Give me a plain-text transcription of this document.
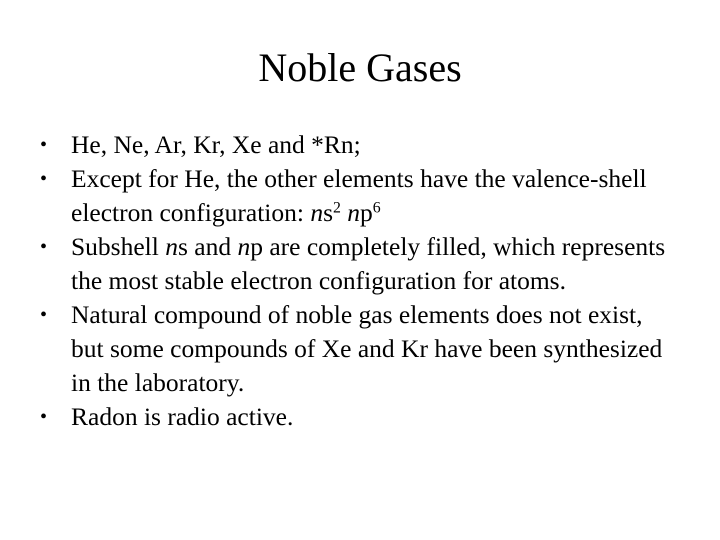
Noble Gases
• He, Ne, Ar, Kr, Xe and *Rn;
• Except for He, the other elements have the valence-shell electron configuration: $ns^2$ $np^6$
• Subshell ns and np are completely filled, which represents the most stable electron configuration for atoms.
• Natural compound of noble gas elements does not exist, but some compounds of Xe and Kr have been synthesized in the laboratory.
• Radon is radio active.
